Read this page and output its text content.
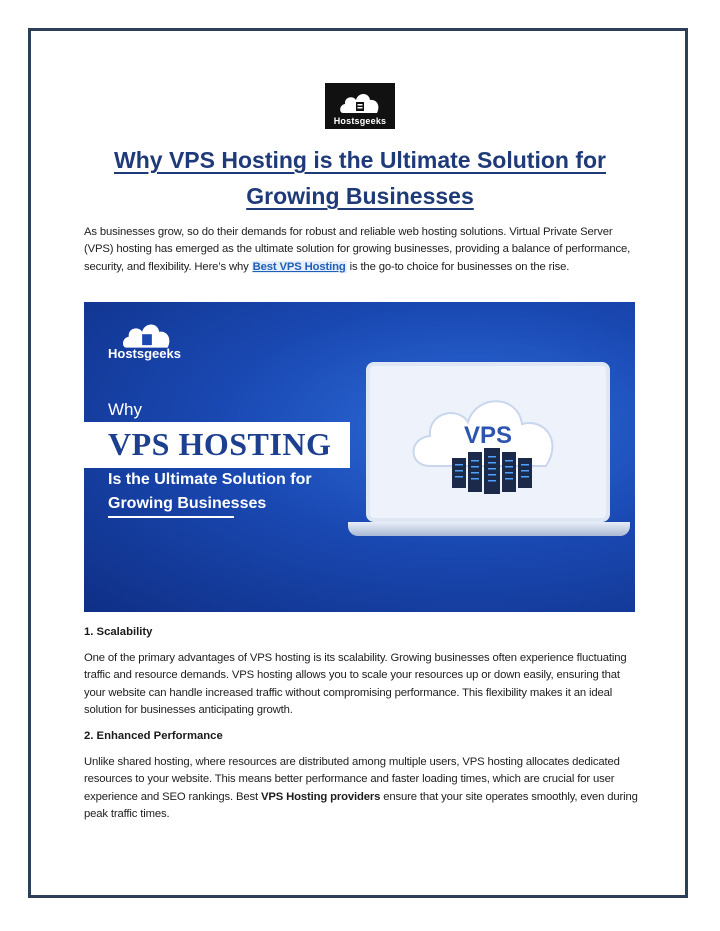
Hostsgeeks
Why VPS Hosting is the Ultimate Solution for
Growing Businesses
As businesses grow, so do their demands for robust and reliable web hosting solutions. Virtual Private Server (VPS) hosting has emerged as the ultimate solution for growing businesses, providing a balance of performance, security, and flexibility. Here’s why Best VPS Hosting is the go-to choice for businesses on the rise.
Hostsgeeks
Why
VPS HOSTING
Is the Ultimate Solution for
Growing Businesses
VPS
1. Scalability
One of the primary advantages of VPS hosting is its scalability. Growing businesses often experience fluctuating traffic and resource demands. VPS hosting allows you to scale your resources up or down easily, ensuring that your website can handle increased traffic without compromising performance. This flexibility makes it an ideal solution for businesses anticipating growth.
2. Enhanced Performance
Unlike shared hosting, where resources are distributed among multiple users, VPS hosting allocates dedicated resources to your website. This means better performance and faster loading times, which are crucial for user experience and SEO rankings. Best VPS Hosting providers ensure that your site operates smoothly, even during peak traffic times.
